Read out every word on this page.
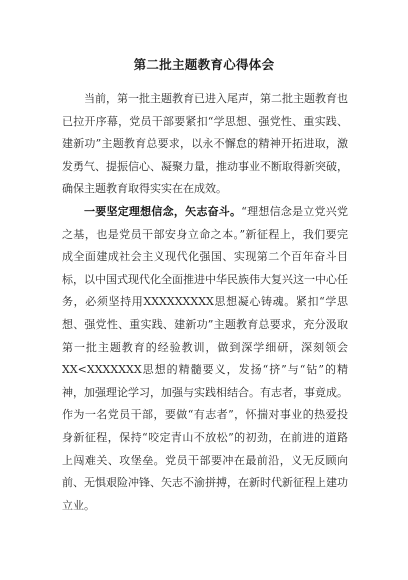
第二批主题教育心得体会

当前，第一批主题教育已进入尾声，第二批主题教育也已拉开序幕，党员干部要紧扣“学思想、强党性、重实践、建新功”主题教育总要求，以永不懈怠的精神开拓进取，激发勇气、提振信心、凝聚力量，推动事业不断取得新突破，确保主题教育取得实实在在成效。

一要坚定理想信念，矢志奋斗。“理想信念是立党兴党之基，也是党员干部安身立命之本。”新征程上，我们要完成全面建成社会主义现代化强国、实现第二个百年奋斗目标，以中国式现代化全面推进中华民族伟大复兴这一中心任务，必须坚持用XXXXXXXXX思想凝心铸魂。紧扣“学思想、强党性、重实践、建新功”主题教育总要求，充分汲取第一批主题教育的经验教训，做到深学细研，深刻领会XX<XXXXXXX思想的精髓要义，发扬“挤”与“钻”的精神，加强理论学习，加强与实践相结合。有志者，事竟成。作为一名党员干部，要做“有志者”，怀揣对事业的热爱投身新征程，保持“咬定青山不放松”的初劲，在前进的道路上闯难关、攻堡垒。党员干部要冲在最前沿，义无反顾向前、无惧艰险冲锋、矢志不渝拼搏，在新时代新征程上建功立业。
